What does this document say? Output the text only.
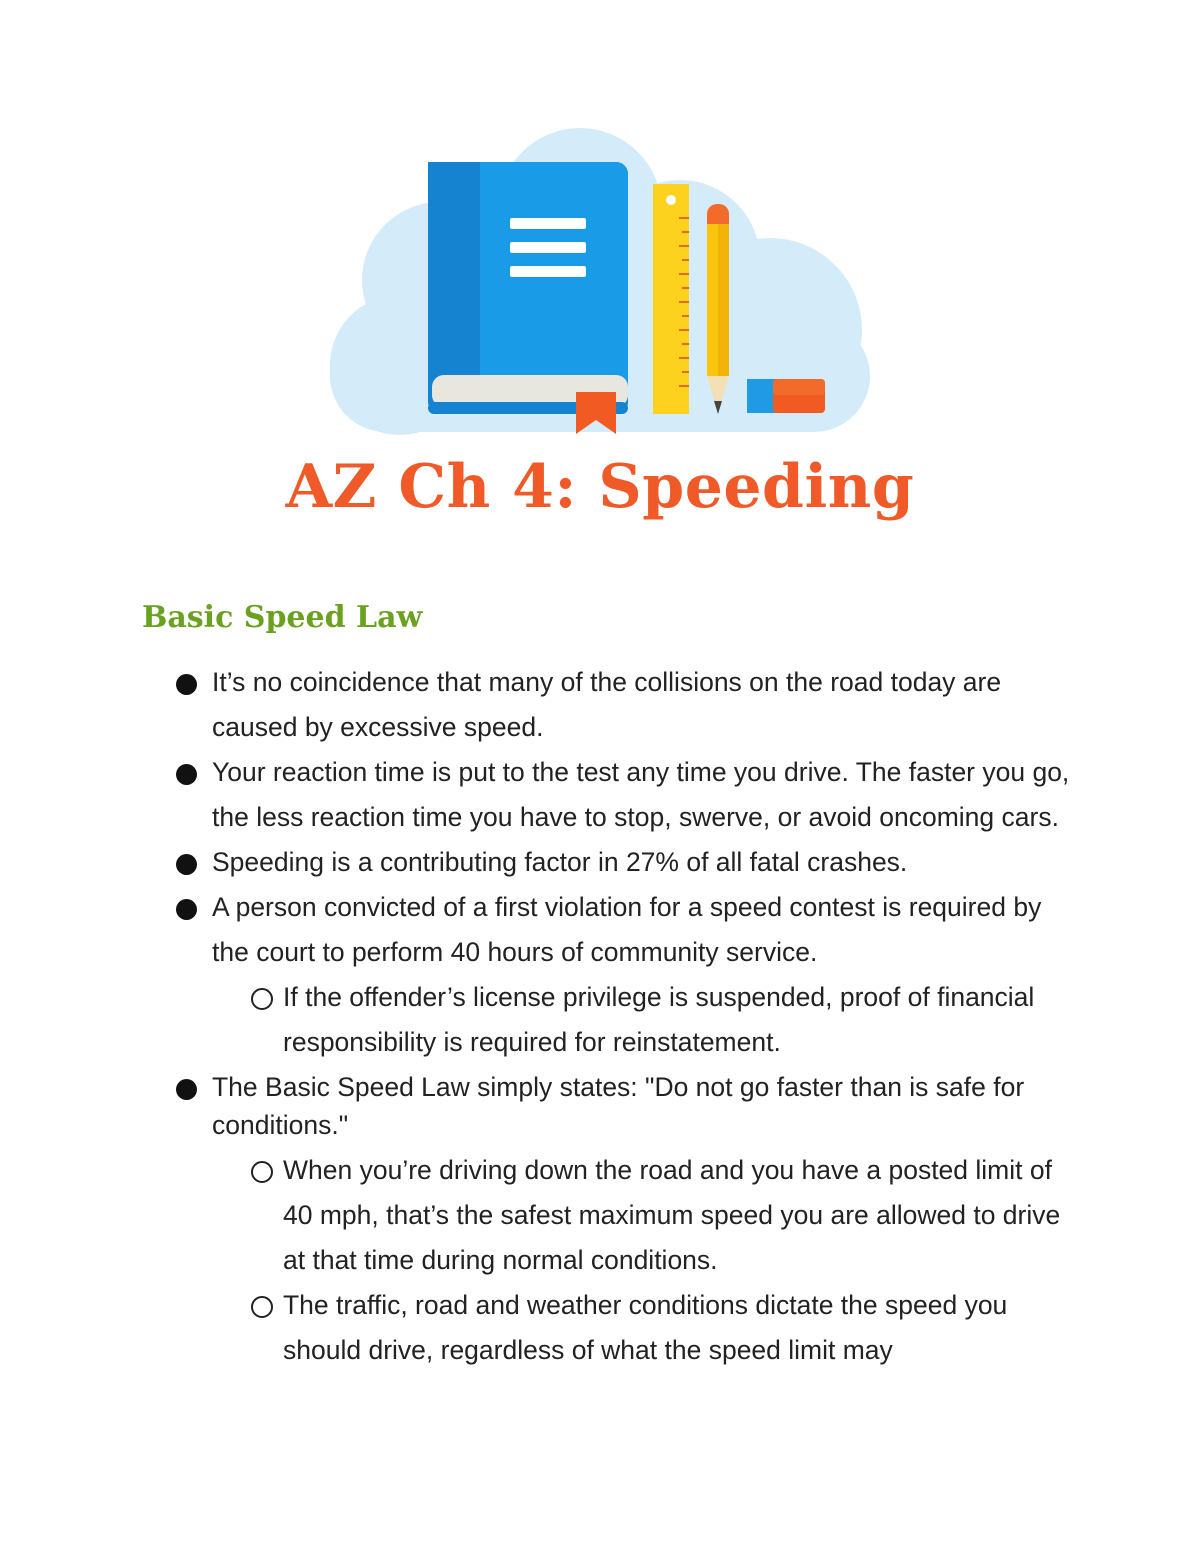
AZ Ch 4: Speeding
Basic Speed Law
It’s no coincidence that many of the collisions on the road today are caused by excessive speed.
Your reaction time is put to the test any time you drive. The faster you go, the less reaction time you have to stop, swerve, or avoid oncoming cars.
Speeding is a contributing factor in 27% of all fatal crashes.
A person convicted of a first violation for a speed contest is required by the court to perform 40 hours of community service.
If the offender’s license privilege is suspended, proof of financial responsibility is required for reinstatement.
The Basic Speed Law simply states: "Do not go faster than is safe for conditions."
When you’re driving down the road and you have a posted limit of 40 mph, that’s the safest maximum speed you are allowed to drive at that time during normal conditions.
The traffic, road and weather conditions dictate the speed you should drive, regardless of what the speed limit may
